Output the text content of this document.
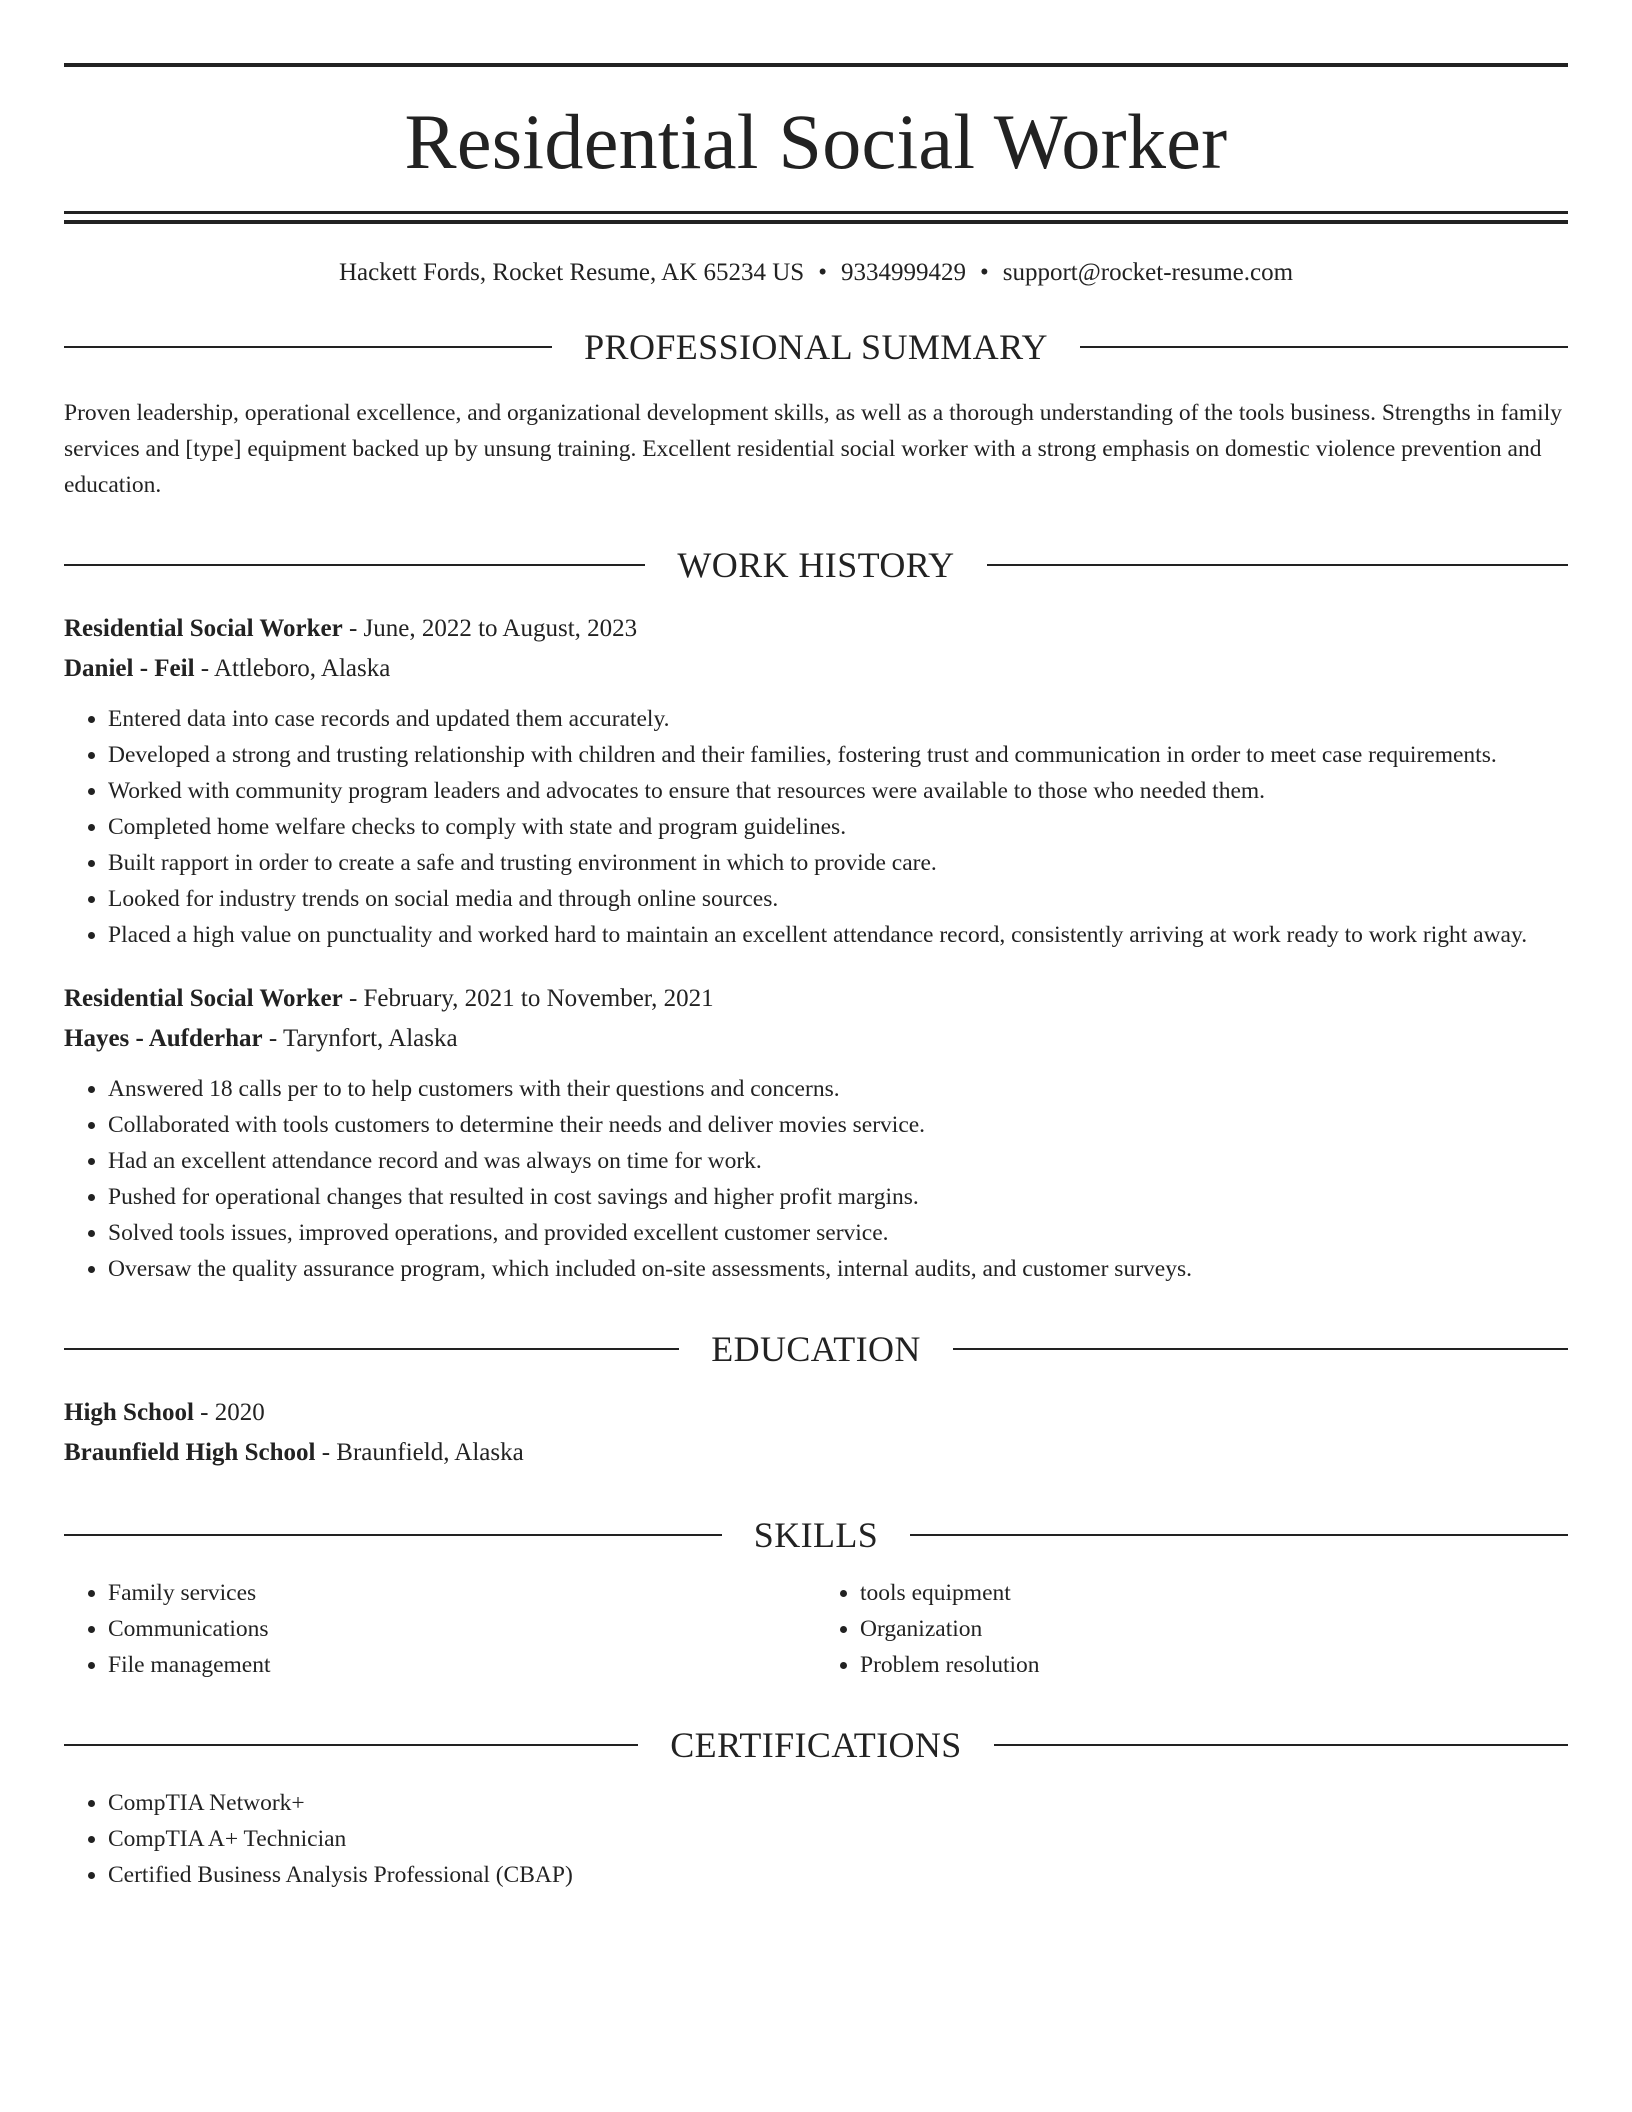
Residential Social Worker
Hackett Fords, Rocket Resume, AK 65234 US • 9334999429 • support@rocket-resume.com
PROFESSIONAL SUMMARY
Proven leadership, operational excellence, and organizational development skills, as well as a thorough understanding of the tools business. Strengths in family services and [type] equipment backed up by unsung training. Excellent residential social worker with a strong emphasis on domestic violence prevention and education.
WORK HISTORY
Residential Social Worker - June, 2022 to August, 2023
Daniel - Feil - Attleboro, Alaska
• Entered data into case records and updated them accurately.
• Developed a strong and trusting relationship with children and their families, fostering trust and communication in order to meet case requirements.
• Worked with community program leaders and advocates to ensure that resources were available to those who needed them.
• Completed home welfare checks to comply with state and program guidelines.
• Built rapport in order to create a safe and trusting environment in which to provide care.
• Looked for industry trends on social media and through online sources.
• Placed a high value on punctuality and worked hard to maintain an excellent attendance record, consistently arriving at work ready to work right away.
Residential Social Worker - February, 2021 to November, 2021
Hayes - Aufderhar - Tarynfort, Alaska
• Answered 18 calls per to to help customers with their questions and concerns.
• Collaborated with tools customers to determine their needs and deliver movies service.
• Had an excellent attendance record and was always on time for work.
• Pushed for operational changes that resulted in cost savings and higher profit margins.
• Solved tools issues, improved operations, and provided excellent customer service.
• Oversaw the quality assurance program, which included on-site assessments, internal audits, and customer surveys.
EDUCATION
High School - 2020
Braunfield High School - Braunfield, Alaska
SKILLS
• Family services
• Communications
• File management
• tools equipment
• Organization
• Problem resolution
CERTIFICATIONS
• CompTIA Network+
• CompTIA A+ Technician
• Certified Business Analysis Professional (CBAP)
